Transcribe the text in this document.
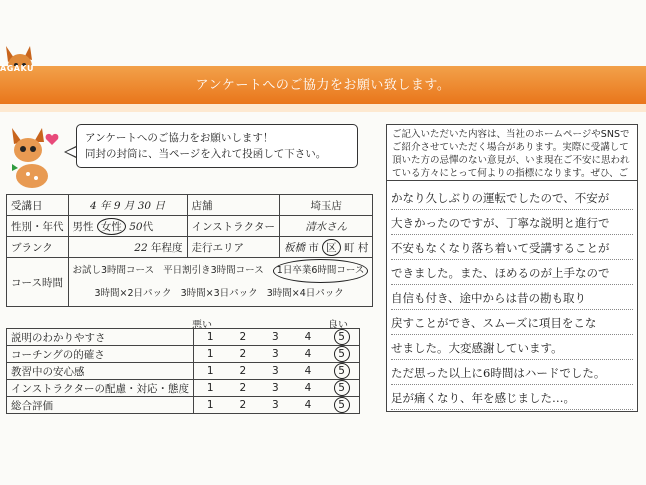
アンケートへのご協力をお願い致します。
AGAKU
アンケートへのご協力をお願いします！
同封の封筒に、当ページを入れて投函して下さい。
受講日	4 年 9 月 30 日	店舗	埼玉店
性別・年代	男性 女性 50代	インストラクター	清水さん
ブランク	22 年程度	走行エリア	板橋 市 区 町 村
コース時間	お試し3時間コース 平日割引き3時間コース 1日卒業6時間コース
3時間×2日パック 3時間×3日パック 3時間×4日パック		
悪い	良い
説明のわかりやすさ	1	2	3	4	5
コーチングの的確さ	1	2	3	4	5
教習中の安心感	1	2	3	4	5
インストラクターの配慮・対応・態度	1	2	3	4	5
総合評価	1	2	3	4	5
ご記入いただいた内容は、当社のホームページやSNSでご紹介させていただく場合があります。実際に受講して頂いた方の忌憚のない意見が、いま現在ご不安に思われている方々にとって何よりの指標になります。ぜひ、ご
かなり久しぶりの運転でしたので、不安が
大きかったのですが、丁寧な説明と進行で
不安もなくなり落ち着いて受講することが
できました。また、ほめるのが上手なので
自信も付き、途中からは昔の勘も取り
戻すことができ、スムーズに項目をこな
せました。大変感謝しています。
ただ思った以上に6時間はハードでした。
足が痛くなり、年を感じました…。
